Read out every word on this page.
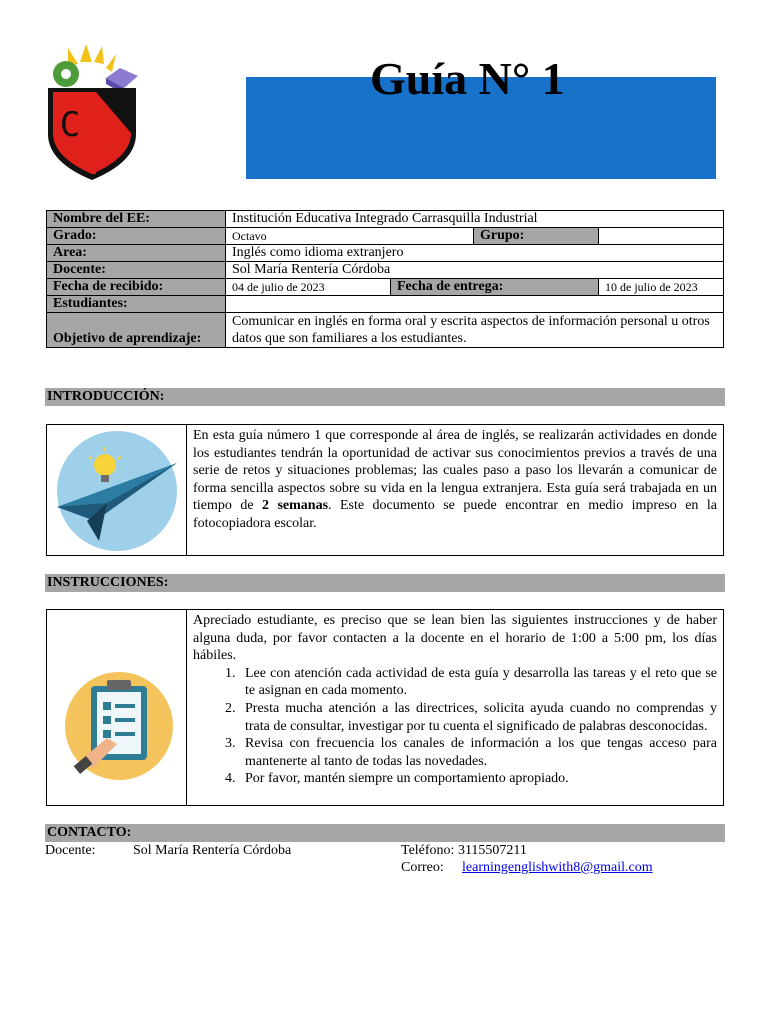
C I
Guía N° 1
Nombre del EE:	Institución Educativa Integrado Carrasquilla Industrial			
Grado:	Octavo		Grupo:	
Area:	Inglés como idioma extranjero			
Docente:	Sol María Rentería Córdoba			
Fecha de recibido:	04 de julio de 2023	Fecha de entrega:		10 de julio de 2023
Estudiantes:				
Objetivo de aprendizaje:	Comunicar en inglés en forma oral y escrita aspectos de información personal u otros datos que son familiares a los estudiantes.			
INTRODUCCIÓN:
En esta guía número 1 que corresponde al área de inglés, se realizarán actividades en donde los estudiantes tendrán la oportunidad de activar sus conocimientos previos a través de una serie de retos y situaciones problemas; las cuales paso a paso los llevarán a comunicar de forma sencilla aspectos sobre su vida en la lengua extranjera. Esta guía será trabajada en un tiempo de 2 semanas. Este documento se puede encontrar en medio impreso en la fotocopiadora escolar.
INSTRUCCIONES:
Apreciado estudiante, es preciso que se lean bien las siguientes instrucciones y de haber alguna duda, por favor contacten a la docente en el horario de 1:00 a 5:00 pm, los días hábiles.
1. Lee con atención cada actividad de esta guía y desarrolla las tareas y el reto que se te asignan en cada momento.
2. Presta mucha atención a las directrices, solicita ayuda cuando no comprendas y trata de consultar, investigar por tu cuenta el significado de palabras desconocidas.
3. Revisa con frecuencia los canales de información a los que tengas acceso para mantenerte al tanto de todas las novedades.
4. Por favor, mantén siempre un comportamiento apropiado.
CONTACTO:
Docente:	Sol María Rentería Córdoba	Teléfono: 3115507211
Correo: learningenglishwith8@gmail.com
